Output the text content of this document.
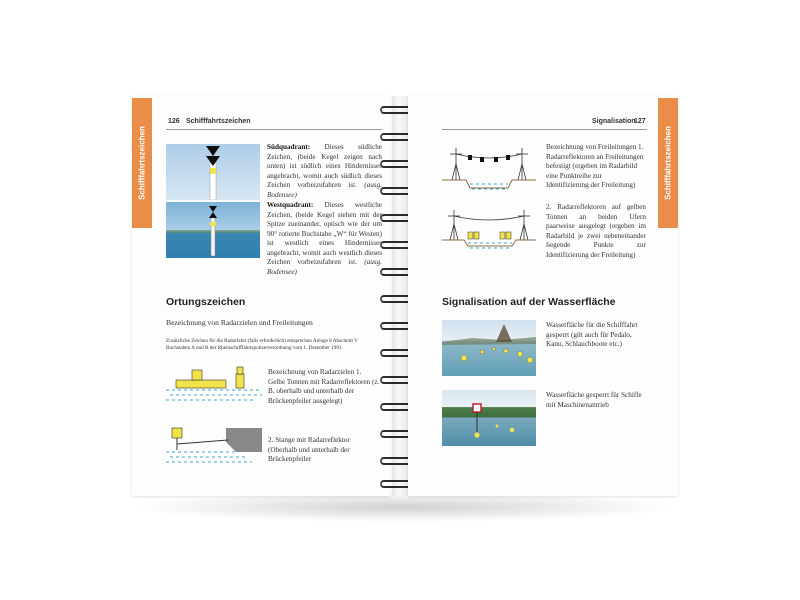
Schifffahrtszeichen
126 Schifffahrtszeichen
Südquadrant: Dieses südliche Zeichen, (beide Kegel zeigen nach unten) ist südlich eines Hindernisses angebracht, womit auch südlich dieses Zeichen vorbeizufahren ist. (ausg. Bodensee)
Westquadrant: Dieses westliche Zeichen, (beide Kegel stehen mit der Spitze zueinander, optisch wie der um 90° rotierte Buchstabe „W“ für Westen) ist westlich eines Hindernisses angebracht, womit auch westlich dieses Zeichen vorbeizufahren ist. (ausg. Bodensee)
Ortungszeichen
Bezeichnung von Radarzielen und Freileitungen
Zusätzliche Zeichen für die Radarfahrt (falls erforderlich) entsprechen Anlage 8 Abschnitt V Buchstaben A und B der Rheinschifffahrtspolizeiverordnung vom 1. Dezember 1993
Bezeichnung von Radarzielen 1. Gelbe Tonnen mit Radarreflektoren (z. B. oberhalb und unterhalb der Brückenpfeiler ausgelegt)
2. Stange mit Radarreflektor (Oberhalb und unterhalb der Brückenpfeiler
Schifffahrtszeichen
Signalisation
127
Bezeichnung von Freileitungen 1. Radarreflektoren an Freileitungen befestigt (ergeben im Radarbild eine Punktreihe zur Identifizierung der Freileitung)
2. Radarreflektoren auf gelben Tonnen an beiden Ufern paarweise ausgelegt (ergeben im Radarbild je zwei nebeneinander liegende Punkte zur Identifizierung der Freileitung)
Signalisation auf der Wasserfläche
Wasserfläche für die Schifffahrt gesperrt (gilt auch für Pedalo, Kanu, Schlauchboote etc.)
Wasserfläche gesperrt für Schiffe mit Maschinenantrieb
